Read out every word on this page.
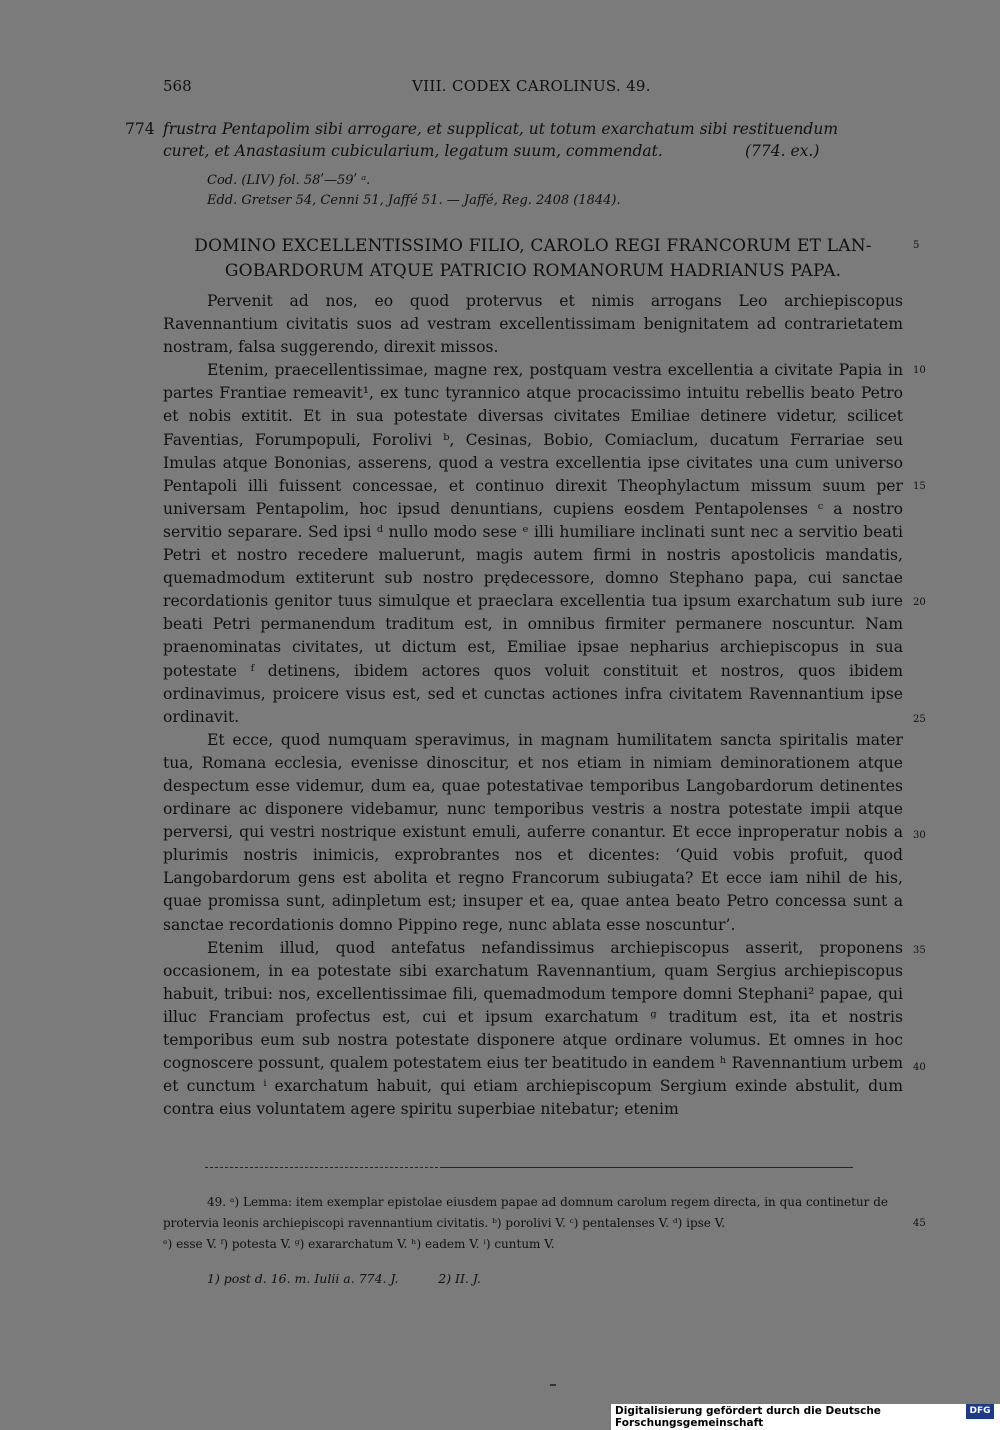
568	VIII. CODEX CAROLINUS. 49.
774 frustra Pentapolim sibi arrogare, et supplicat, ut totum exarchatum sibi restituendum
curet, et Anastasium cubicularium, legatum suum, commendat.	(774. ex.)
Cod. (LIV) fol. 58ʹ—59ʹ ᵃ.
Edd. Gretser 54, Cenni 51, Jaffé 51. — Jaffé, Reg. 2408 (1844).
DOMINO EXCELLENTISSIMO FILIO, CAROLO REGI FRANCORUM ET LAN-
GOBARDORUM ATQUE PATRICIO ROMANORUM HADRIANUS PAPA.

Pervenit ad nos, eo quod protervus et nimis arrogans Leo archiepiscopus Ravennantium civitatis suos ad vestram excellentissimam benignitatem ad contrarietatem nostram, falsa suggerendo, direxit missos.

Etenim, praecellentissimae, magne rex, postquam vestra excellentia a civitate Papia in partes Frantiae remeavit¹, ex tunc tyrannico atque procacissimo intuitu rebellis beato Petro et nobis extitit. Et in sua potestate diversas civitates Emiliae detinere videtur, scilicet Faventias, Forumpopuli, Forolivi ᵇ, Cesinas, Bobio, Comiaclum, ducatum Ferrariae seu Imulas atque Bononias, asserens, quod a vestra excellentia ipse civitates una cum universo Pentapoli illi fuissent concessae, et continuo direxit Theophylactum missum suum per universam Pentapolim, hoc ipsud denuntians, cupiens eosdem Pentapolenses ᶜ a nostro servitio separare. Sed ipsi ᵈ nullo modo sese ᵉ illi humiliare inclinati sunt nec a servitio beati Petri et nostro recedere maluerunt, magis autem firmi in nostris apostolicis mandatis, quemadmodum extiterunt sub nostro prędecessore, domno Stephano papa, cui sanctae recordationis genitor tuus simulque et praeclara excellentia tua ipsum exarchatum sub iure beati Petri permanendum traditum est, in omnibus firmiter permanere noscuntur. Nam praenominatas civitates, ut dictum est, Emiliae ipsae nepharius archiepiscopus in sua potestate ᶠ detinens, ibidem actores quos voluit constituit et nostros, quos ibidem ordinavimus, proicere visus est, sed et cunctas actiones infra civitatem Ravennantium ipse ordinavit.

Et ecce, quod numquam speravimus, in magnam humilitatem sancta spiritalis mater tua, Romana ecclesia, evenisse dinoscitur, et nos etiam in nimiam deminorationem atque despectum esse videmur, dum ea, quae potestativae temporibus Langobardorum detinentes ordinare ac disponere videbamur, nunc temporibus vestris a nostra potestate impii atque perversi, qui vestri nostrique existunt emuli, auferre conantur. Et ecce inproperatur nobis a plurimis nostris inimicis, exprobrantes nos et dicentes: ‘Quid vobis profuit, quod Langobardorum gens est abolita et regno Francorum subiugata? Et ecce iam nihil de his, quae promissa sunt, adinpletum est; insuper et ea, quae antea beato Petro concessa sunt a sanctae recordationis domno Pippino rege, nunc ablata esse noscuntur’.

Etenim illud, quod antefatus nefandissimus archiepiscopus asserit, proponens occasionem, in ea potestate sibi exarchatum Ravennantium, quam Sergius archiepiscopus habuit, tribui: nos, excellentissimae fili, quemadmodum tempore domni Stephani² papae, qui illuc Franciam profectus est, cui et ipsum exarchatum ᵍ traditum est, ita et nostris temporibus eum sub nostra potestate disponere atque ordinare volumus. Et omnes in hoc cognoscere possunt, qualem potestatem eius ter beatitudo in eandem ʰ Ravennantium urbem et cunctum ⁱ exarchatum habuit, qui etiam archiepiscopum Sergium exinde abstulit, dum contra eius voluntatem agere spiritu superbiae nitebatur; etenim

5
10
15
20
25
30
35
40
45
49. ᵃ) Lemma: item exemplar epistolae eiusdem papae ad domnum carolum regem directa, in qua continetur de protervia leonis archiepiscopi ravennantium civitatis. ᵇ) porolivi V. ᶜ) pentalenses V. ᵈ) ipse V.
ᵉ) esse V. ᶠ) potesta V. ᵍ) exararchatum V. ʰ) eadem V. ⁱ) cuntum V.
1) post d. 16. m. Iulii a. 774. J.          2) II. J.
Digitalisierung gefördert durch die Deutsche Forschungsgemeinschaft
DFG
